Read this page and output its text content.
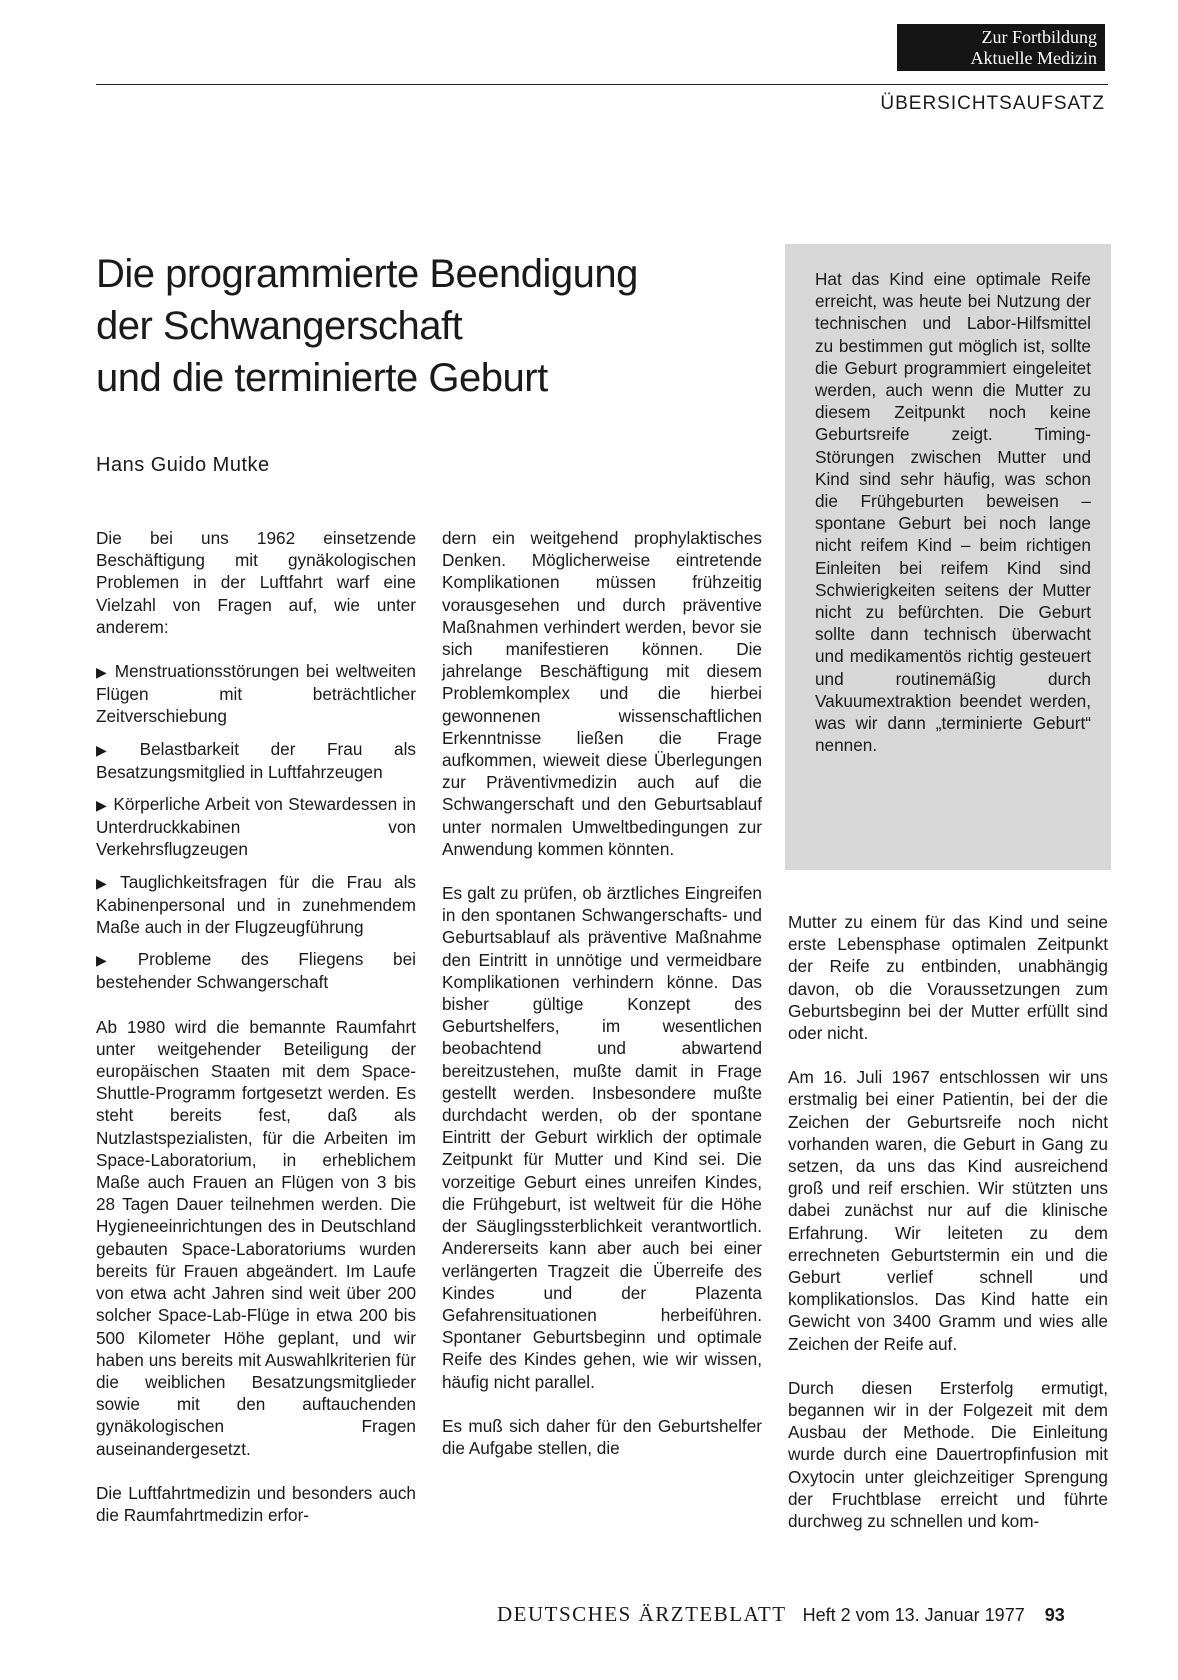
Zur Fortbildung
Aktuelle Medizin
ÜBERSICHTSAUFSATZ
Die programmierte Beendigung
der Schwangerschaft
und die terminierte Geburt
Hans Guido Mutke
Hat das Kind eine optimale Reife erreicht, was heute bei Nutzung der technischen und Labor-Hilfsmittel zu bestimmen gut möglich ist, sollte die Geburt programmiert eingeleitet werden, auch wenn die Mutter zu diesem Zeitpunkt noch keine Geburtsreife zeigt. Timing-Störungen zwischen Mutter und Kind sind sehr häufig, was schon die Frühgeburten beweisen – spontane Geburt bei noch lange nicht reifem Kind – beim richtigen Einleiten bei reifem Kind sind Schwierigkeiten seitens der Mutter nicht zu befürchten. Die Geburt sollte dann technisch überwacht und medikamentös richtig gesteuert und routinemäßig durch Vakuumextraktion beendet werden, was wir dann „terminierte Geburt“ nennen.

Die bei uns 1962 einsetzende Beschäftigung mit gynäkologischen Problemen in der Luftfahrt warf eine Vielzahl von Fragen auf, wie unter anderem:

▶ Menstruationsstörungen bei weltweiten Flügen mit beträchtlicher Zeitverschiebung

▶ Belastbarkeit der Frau als Besatzungsmitglied in Luftfahrzeugen

▶ Körperliche Arbeit von Stewardessen in Unterdruckkabinen von Verkehrsflugzeugen

▶ Tauglichkeitsfragen für die Frau als Kabinenpersonal und in zunehmendem Maße auch in der Flugzeugführung

▶ Probleme des Fliegens bei bestehender Schwangerschaft

Ab 1980 wird die bemannte Raumfahrt unter weitgehender Beteiligung der europäischen Staaten mit dem Space-Shuttle-Programm fortgesetzt werden. Es steht bereits fest, daß als Nutzlastspezialisten, für die Arbeiten im Space-Laboratorium, in erheblichem Maße auch Frauen an Flügen von 3 bis 28 Tagen Dauer teilnehmen werden. Die Hygieneeinrichtungen des in Deutschland gebauten Space-Laboratoriums wurden bereits für Frauen abgeändert. Im Laufe von etwa acht Jahren sind weit über 200 solcher Space-Lab-Flüge in etwa 200 bis 500 Kilometer Höhe geplant, und wir haben uns bereits mit Auswahlkriterien für die weiblichen Besatzungsmitglieder sowie mit den auftauchenden gynäkologischen Fragen auseinandergesetzt.

Die Luftfahrtmedizin und besonders auch die Raumfahrtmedizin erfor-

dern ein weitgehend prophylaktisches Denken. Möglicherweise eintretende Komplikationen müssen frühzeitig vorausgesehen und durch präventive Maßnahmen verhindert werden, bevor sie sich manifestieren können. Die jahrelange Beschäftigung mit diesem Problemkomplex und die hierbei gewonnenen wissenschaftlichen Erkenntnisse ließen die Frage aufkommen, wieweit diese Überlegungen zur Präventivmedizin auch auf die Schwangerschaft und den Geburtsablauf unter normalen Umweltbedingungen zur Anwendung kommen könnten.

Es galt zu prüfen, ob ärztliches Eingreifen in den spontanen Schwangerschafts- und Geburtsablauf als präventive Maßnahme den Eintritt in unnötige und vermeidbare Komplikationen verhindern könne. Das bisher gültige Konzept des Geburtshelfers, im wesentlichen beobachtend und abwartend bereitzustehen, mußte damit in Frage gestellt werden. Insbesondere mußte durchdacht werden, ob der spontane Eintritt der Geburt wirklich der optimale Zeitpunkt für Mutter und Kind sei. Die vorzeitige Geburt eines unreifen Kindes, die Frühgeburt, ist weltweit für die Höhe der Säuglingssterblichkeit verantwortlich. Andererseits kann aber auch bei einer verlängerten Tragzeit die Überreife des Kindes und der Plazenta Gefahrensituationen herbeiführen. Spontaner Geburtsbeginn und optimale Reife des Kindes gehen, wie wir wissen, häufig nicht parallel.

Es muß sich daher für den Geburtshelfer die Aufgabe stellen, die

Mutter zu einem für das Kind und seine erste Lebensphase optimalen Zeitpunkt der Reife zu entbinden, unabhängig davon, ob die Voraussetzungen zum Geburtsbeginn bei der Mutter erfüllt sind oder nicht.

Am 16. Juli 1967 entschlossen wir uns erstmalig bei einer Patientin, bei der die Zeichen der Geburtsreife noch nicht vorhanden waren, die Geburt in Gang zu setzen, da uns das Kind ausreichend groß und reif erschien. Wir stützten uns dabei zunächst nur auf die klinische Erfahrung. Wir leiteten zu dem errechneten Geburtstermin ein und die Geburt verlief schnell und komplikationslos. Das Kind hatte ein Gewicht von 3400 Gramm und wies alle Zeichen der Reife auf.

Durch diesen Ersterfolg ermutigt, begannen wir in der Folgezeit mit dem Ausbau der Methode. Die Einleitung wurde durch eine Dauertropfinfusion mit Oxytocin unter gleichzeitiger Sprengung der Fruchtblase erreicht und führte durchweg zu schnellen und kom-

DEUTSCHES ÄRZTEBLATT Heft 2 vom 13. Januar 1977 93
